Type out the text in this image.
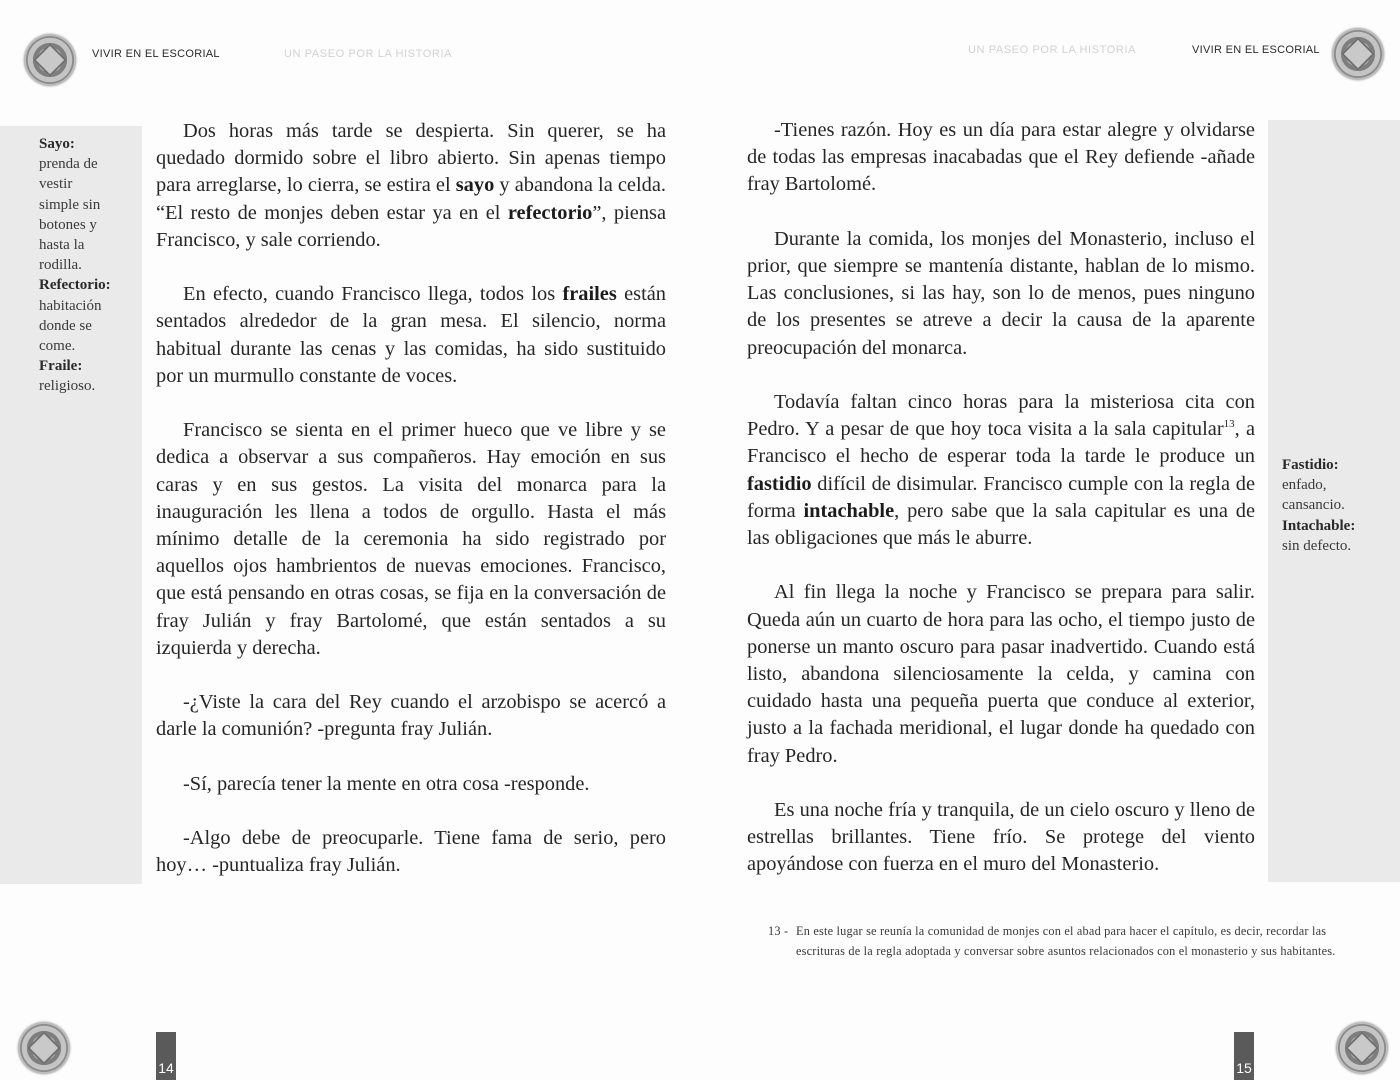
VIVIR EN EL ESCORIAL	UN PASEO POR LA HISTORIA
Sayo:
prenda de
vestir
simple sin
botones y
hasta la
rodilla.
Refectorio:
habitación
donde se
come.
Fraile:
religioso.

Dos horas más tarde se despierta. Sin querer, se ha quedado dormido sobre el libro abierto. Sin apenas tiempo para arreglarse, lo cierra, se estira el sayo y abandona la celda. “El resto de monjes deben estar ya en el refectorio”, piensa Francisco, y sale corriendo.

En efecto, cuando Francisco llega, todos los frailes están sentados alrededor de la gran mesa. El silencio, norma habitual durante las cenas y las comidas, ha sido sustituido por un murmullo constante de voces.

Francisco se sienta en el primer hueco que ve libre y se dedica a observar a sus compañeros. Hay emoción en sus caras y en sus gestos. La visita del monarca para la inauguración les llena a todos de orgullo. Hasta el más mínimo detalle de la ceremonia ha sido registrado por aquellos ojos hambrientos de nuevas emociones. Francisco, que está pensando en otras cosas, se fija en la conversación de fray Julián y fray Bartolomé, que están sentados a su izquierda y derecha.

-¿Viste la cara del Rey cuando el arzobispo se acercó a darle la comunión? -pregunta fray Julián.

-Sí, parecía tener la mente en otra cosa -responde.

-Algo debe de preocuparle. Tiene fama de serio, pero hoy… -puntualiza fray Julián.

14
UN PASEO POR LA HISTORIA	VIVIR EN EL ESCORIAL
Fastidio:
enfado,
cansancio.
Intachable:
sin defecto.

-Tienes razón. Hoy es un día para estar alegre y olvidarse de todas las empresas inacabadas que el Rey defiende -añade fray Bartolomé.

Durante la comida, los monjes del Monasterio, incluso el prior, que siempre se mantenía distante, hablan de lo mismo. Las conclusiones, si las hay, son lo de menos, pues ninguno de los presentes se atreve a decir la causa de la aparente preocupación del monarca.

Todavía faltan cinco horas para la misteriosa cita con Pedro. Y a pesar de que hoy toca visita a la sala capitular$^{13}$, a Francisco el hecho de esperar toda la tarde le produce un fastidio difícil de disimular. Francisco cumple con la regla de forma intachable, pero sabe que la sala capitular es una de las obligaciones que más le aburre.

Al fin llega la noche y Francisco se prepara para salir. Queda aún un cuarto de hora para las ocho, el tiempo justo de ponerse un manto oscuro para pasar inadvertido. Cuando está listo, abandona silenciosamente la celda, y camina con cuidado hasta una pequeña puerta que conduce al exterior, justo a la fachada meridional, el lugar donde ha quedado con fray Pedro.

Es una noche fría y tranquila, de un cielo oscuro y lleno de estrellas brillantes. Tiene frío. Se protege del viento apoyándose con fuerza en el muro del Monasterio.

13 - En este lugar se reunía la comunidad de monjes con el abad para hacer el capítulo, es decir, recordar las escrituras de la regla adoptada y conversar sobre asuntos relacionados con el monasterio y sus habitantes.
15
